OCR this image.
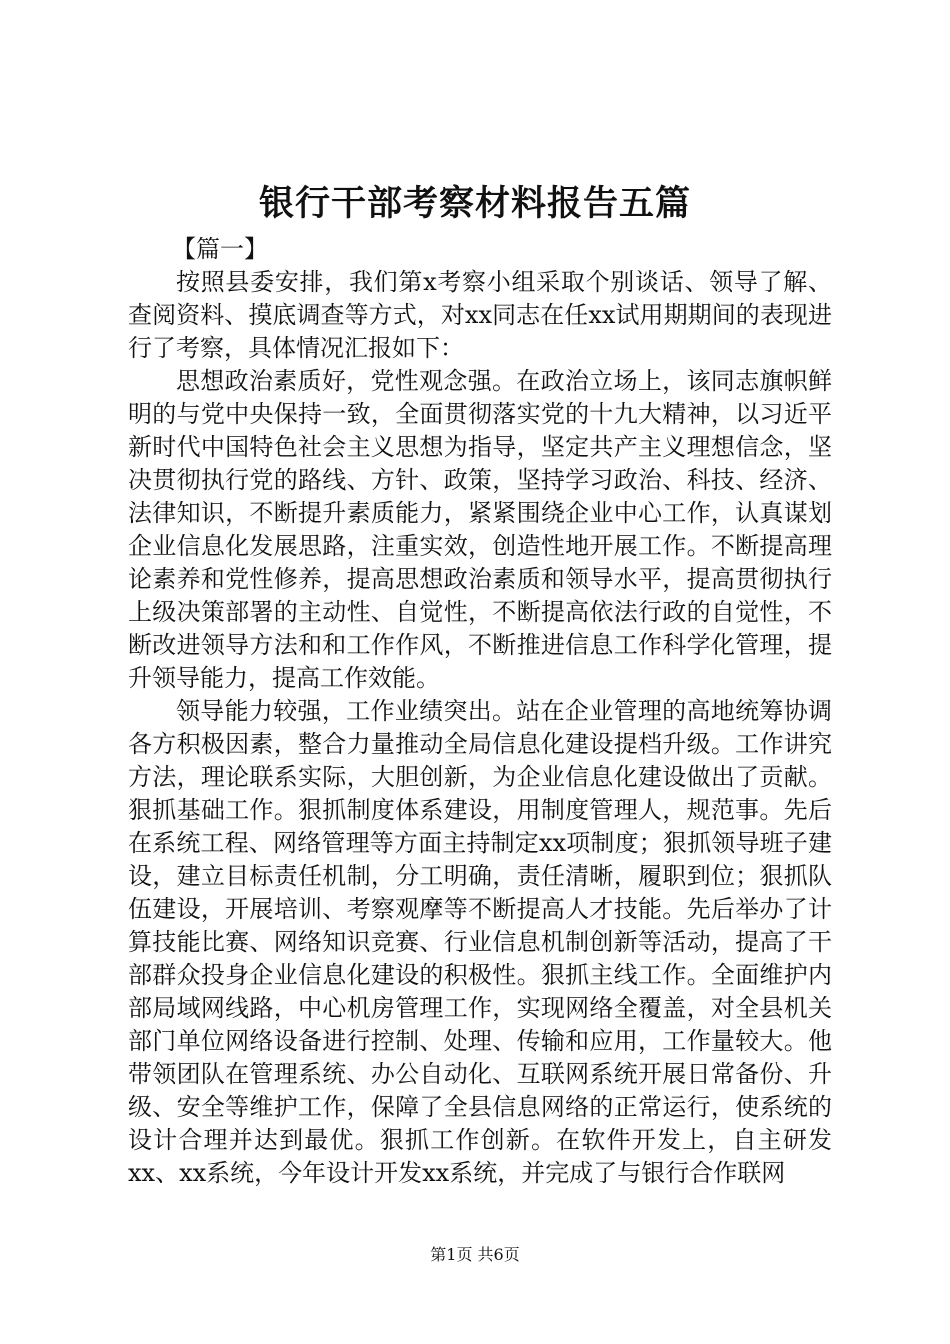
银行干部考察材料报告五篇

【篇一】

按照县委安排，我们第x考察小组采取个别谈话、领导了解、查阅资料、摸底调查等方式，对xx同志在任xx试用期期间的表现进行了考察，具体情况汇报如下：

思想政治素质好，党性观念强。在政治立场上，该同志旗帜鲜明的与党中央保持一致，全面贯彻落实党的十九大精神，以习近平新时代中国特色社会主义思想为指导，坚定共产主义理想信念，坚决贯彻执行党的路线、方针、政策，坚持学习政治、科技、经济、法律知识，不断提升素质能力，紧紧围绕企业中心工作，认真谋划企业信息化发展思路，注重实效，创造性地开展工作。不断提高理论素养和党性修养，提高思想政治素质和领导水平，提高贯彻执行上级决策部署的主动性、自觉性，不断提高依法行政的自觉性，不断改进领导方法和和工作作风，不断推进信息工作科学化管理，提升领导能力，提高工作效能。

领导能力较强，工作业绩突出。站在企业管理的高地统筹协调各方积极因素，整合力量推动全局信息化建设提档升级。工作讲究方法，理论联系实际，大胆创新，为企业信息化建设做出了贡献。狠抓基础工作。狠抓制度体系建设，用制度管理人，规范事。先后在系统工程、网络管理等方面主持制定xx项制度；狠抓领导班子建设，建立目标责任机制，分工明确，责任清晰，履职到位；狠抓队伍建设，开展培训、考察观摩等不断提高人才技能。先后举办了计算技能比赛、网络知识竞赛、行业信息机制创新等活动，提高了干部群众投身企业信息化建设的积极性。狠抓主线工作。全面维护内部局域网线路，中心机房管理工作，实现网络全覆盖，对全县机关部门单位网络设备进行控制、处理、传输和应用，工作量较大。他带领团队在管理系统、办公自动化、互联网系统开展日常备份、升级、安全等维护工作，保障了全县信息网络的正常运行，使系统的设计合理并达到最优。狠抓工作创新。在软件开发上，自主研发xx、xx系统，今年设计开发xx系统，并完成了与银行合作联网

第1页 共6页
